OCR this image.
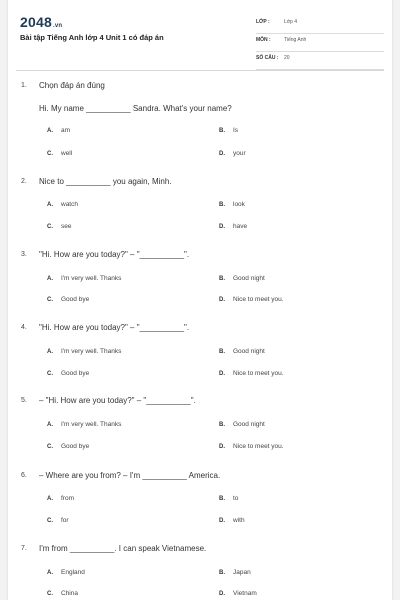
2048.vn
Bài tập Tiếng Anh lớp 4 Unit 1 có đáp án
LỚP :	Lớp 4
MÔN :	Tiếng Anh
SỐ CÂU : 20
1. Chọn đáp án đúng
Hi. My name __________ Sandra. What's your name?
A. am	B. Is
C. well	D. your
2. Nice to __________ you again, Minh.
A. watch	B. look
C. see	D. have
3. "Hi. How are you today?" – "__________".
A. I'm very well. Thanks	B. Good night
C. Good bye	D. Nice to meet you.
4. "Hi. How are you today?" – "__________".
A. I'm very well. Thanks	B. Good night
C. Good bye	D. Nice to meet you.
5. – "Hi. How are you today?" – "__________".
A. I'm very well. Thanks	B. Good night
C. Good bye	D. Nice to meet you.
6. – Where are you from? – I'm __________ America.
A. from	B. to
C. for	D. with
7. I'm from __________. I can speak Vietnamese.
A. England	B. Japan
C. China	D. Vietnam
